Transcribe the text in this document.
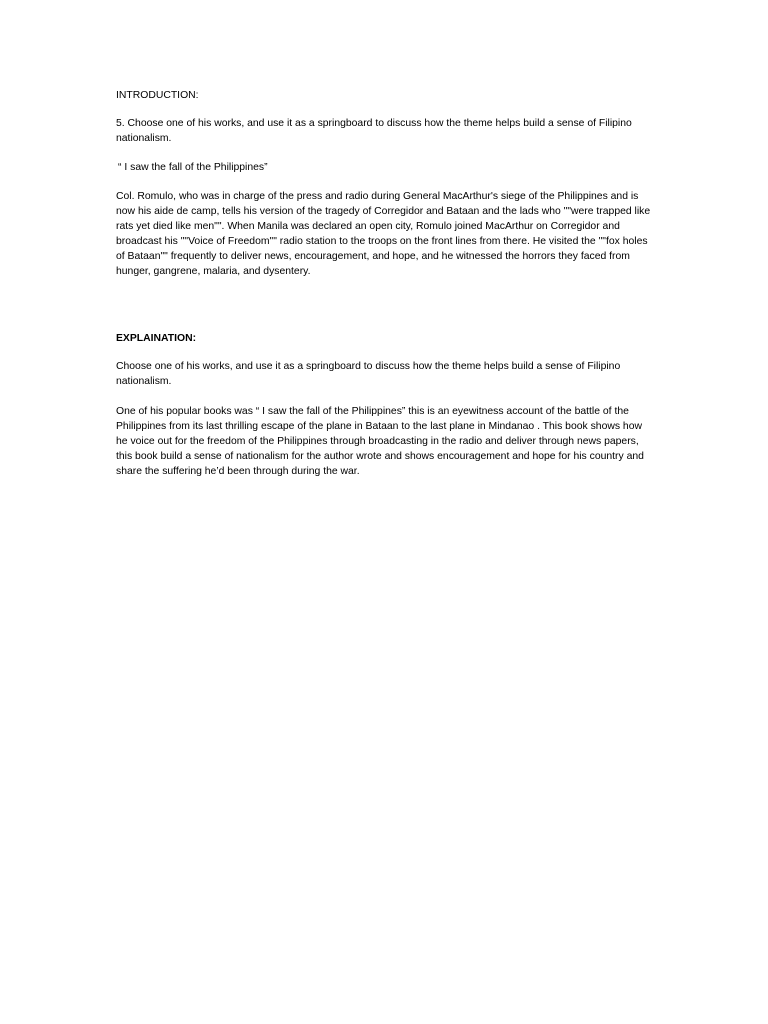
INTRODUCTION:

5. Choose one of his works, and use it as a springboard to discuss how the theme helps build a sense of Filipino nationalism.

“ I saw the fall of the Philippines”

Col. Romulo, who was in charge of the press and radio during General MacArthur's siege of the Philippines and is now his aide de camp, tells his version of the tragedy of Corregidor and Bataan and the lads who ""were trapped like rats yet died like men"". When Manila was declared an open city, Romulo joined MacArthur on Corregidor and broadcast his ""Voice of Freedom"" radio station to the troops on the front lines from there. He visited the ""fox holes of Bataan"" frequently to deliver news, encouragement, and hope, and he witnessed the horrors they faced from hunger, gangrene, malaria, and dysentery.

EXPLAINATION:

Choose one of his works, and use it as a springboard to discuss how the theme helps build a sense of Filipino nationalism.

One of his popular books was “ I saw the fall of the Philippines” this is an eyewitness account of the battle of the Philippines from its last thrilling escape of the plane in Bataan to the last plane in Mindanao . This book shows how he voice out for the freedom of the Philippines through broadcasting in the radio and deliver through news papers, this book build a sense of nationalism for the author wrote and shows encouragement and hope for his country and share the suffering he’d been through during the war.
